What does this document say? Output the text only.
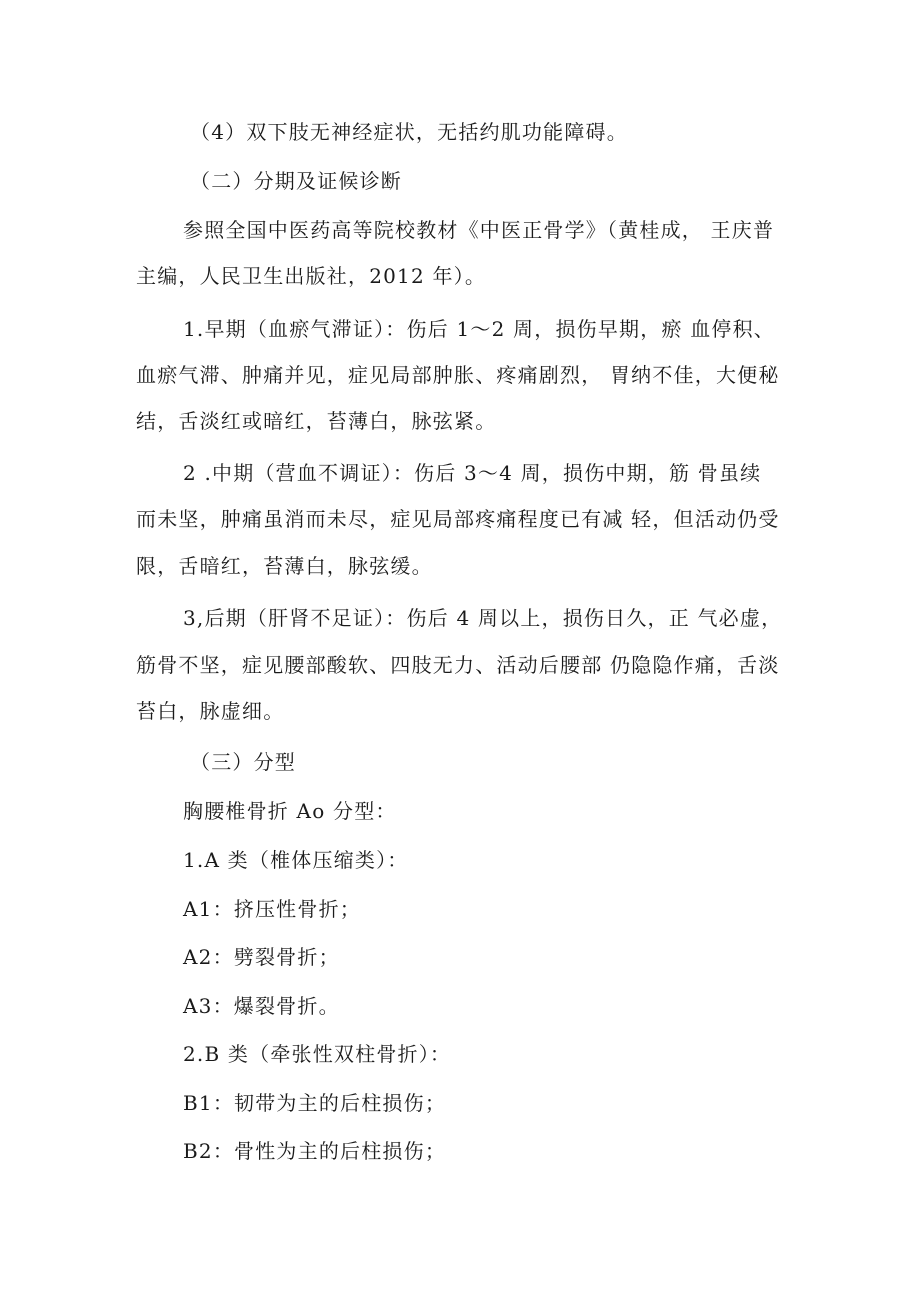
（4）双下肢无神经症状，无括约肌功能障碍。
（二）分期及证候诊断
参照全国中医药高等院校教材《中医正骨学》（黄桂成， 王庆普
主编，人民卫生出版社，2012 年）。
1.早期（血瘀气滞证）：伤后 1～2 周，损伤早期，瘀 血停积、
血瘀气滞、肿痛并见，症见局部肿胀、疼痛剧烈， 胃纳不佳，大便秘
结，舌淡红或暗红，苔薄白，脉弦紧。
2 .中期（营血不调证）：伤后 3～4 周，损伤中期，筋 骨虽续
而未坚，肿痛虽消而未尽，症见局部疼痛程度已有减 轻，但活动仍受
限，舌暗红，苔薄白，脉弦缓。
3,后期（肝肾不足证）：伤后 4 周以上，损伤日久，正 气必虚，
筋骨不坚，症见腰部酸软、四肢无力、活动后腰部 仍隐隐作痛，舌淡
苔白，脉虚细。
（三）分型
胸腰椎骨折 Ao 分型：
1.A 类（椎体压缩类）：
A1：挤压性骨折；
A2：劈裂骨折；
A3：爆裂骨折。
2.B 类（牵张性双柱骨折）：
B1：韧带为主的后柱损伤；
B2：骨性为主的后柱损伤；
